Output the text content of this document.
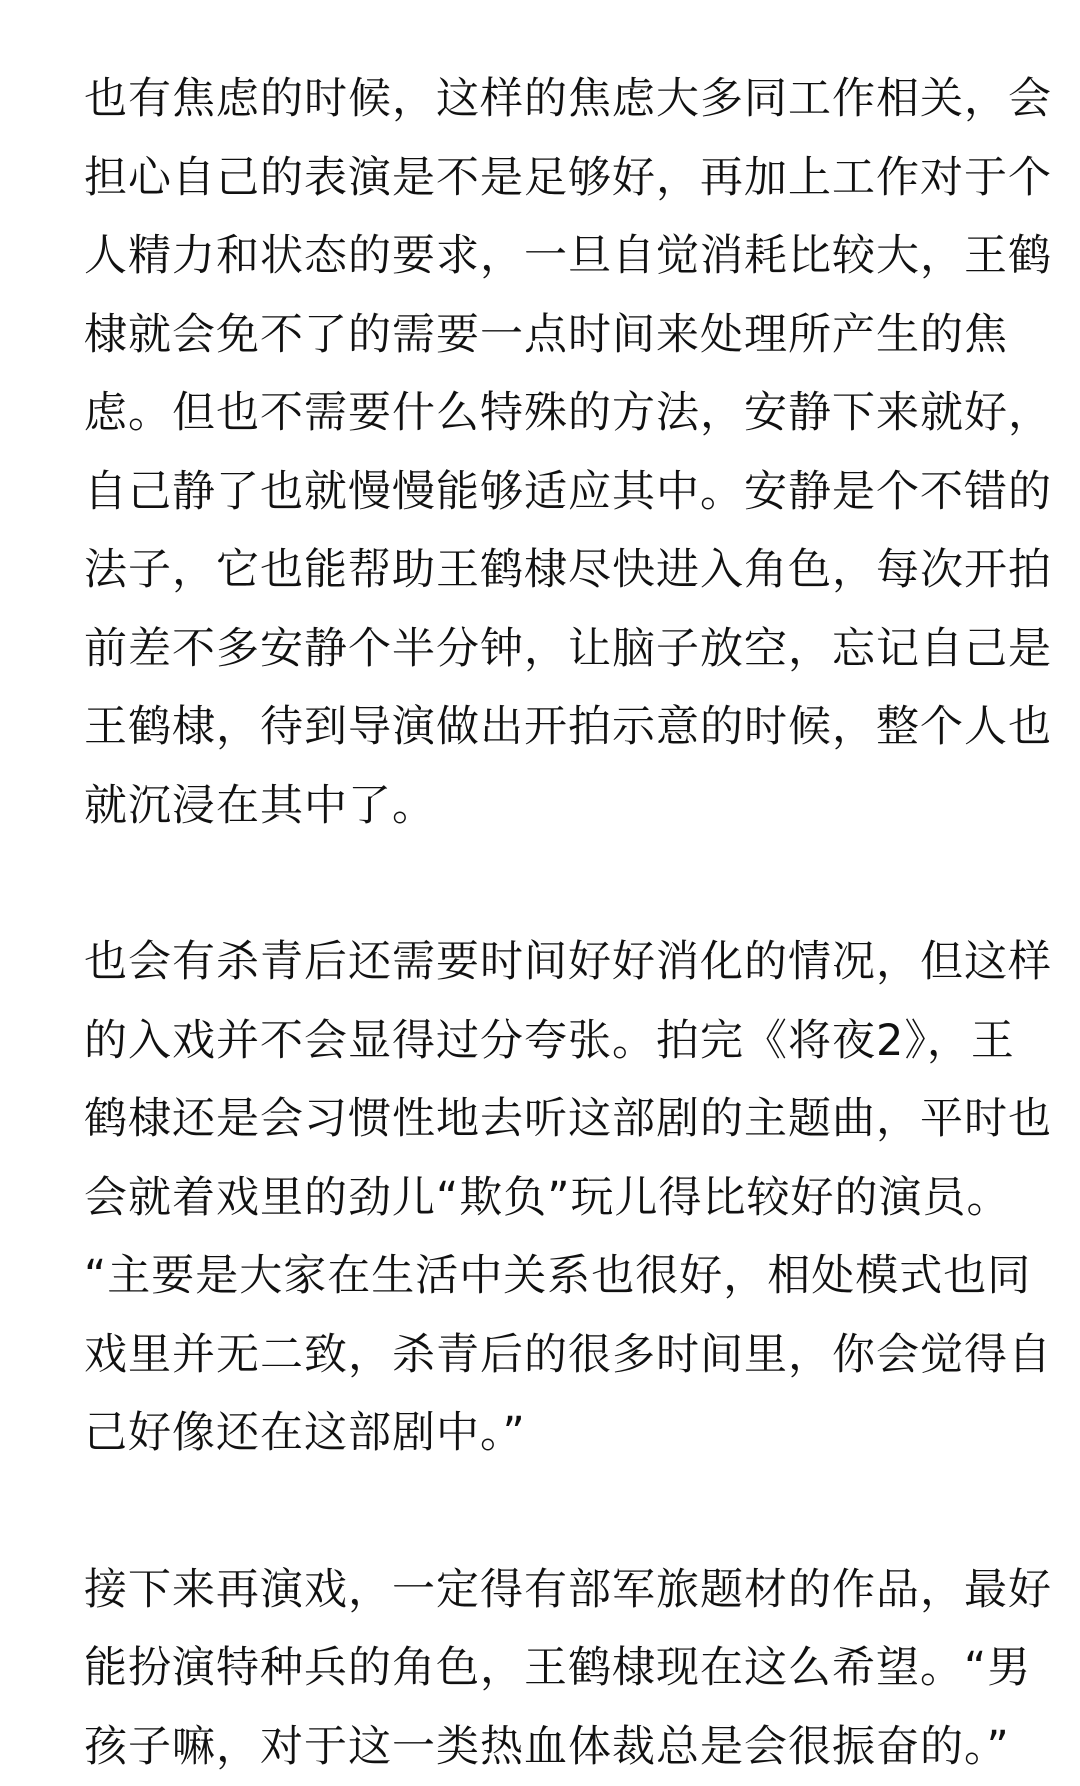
也有焦虑的时候，这样的焦虑大多同工作相关，会
担心自己的表演是不是足够好，再加上工作对于个
人精力和状态的要求，一旦自觉消耗比较大，王鹤
棣就会免不了的需要一点时间来处理所产生的焦
虑。但也不需要什么特殊的方法，安静下来就好，
自己静了也就慢慢能够适应其中。安静是个不错的
法子，它也能帮助王鹤棣尽快进入角色，每次开拍
前差不多安静个半分钟，让脑子放空，忘记自己是
王鹤棣，待到导演做出开拍示意的时候，整个人也
就沉浸在其中了。

也会有杀青后还需要时间好好消化的情况，但这样
的入戏并不会显得过分夸张。拍完《将夜2》，王
鹤棣还是会习惯性地去听这部剧的主题曲，平时也
会就着戏里的劲儿“欺负”玩儿得比较好的演员。
“主要是大家在生活中关系也很好，相处模式也同
戏里并无二致，杀青后的很多时间里，你会觉得自
己好像还在这部剧中。”

接下来再演戏，一定得有部军旅题材的作品，最好
能扮演特种兵的角色，王鹤棣现在这么希望。“男
孩子嘛，对于这一类热血体裁总是会很振奋的。”
